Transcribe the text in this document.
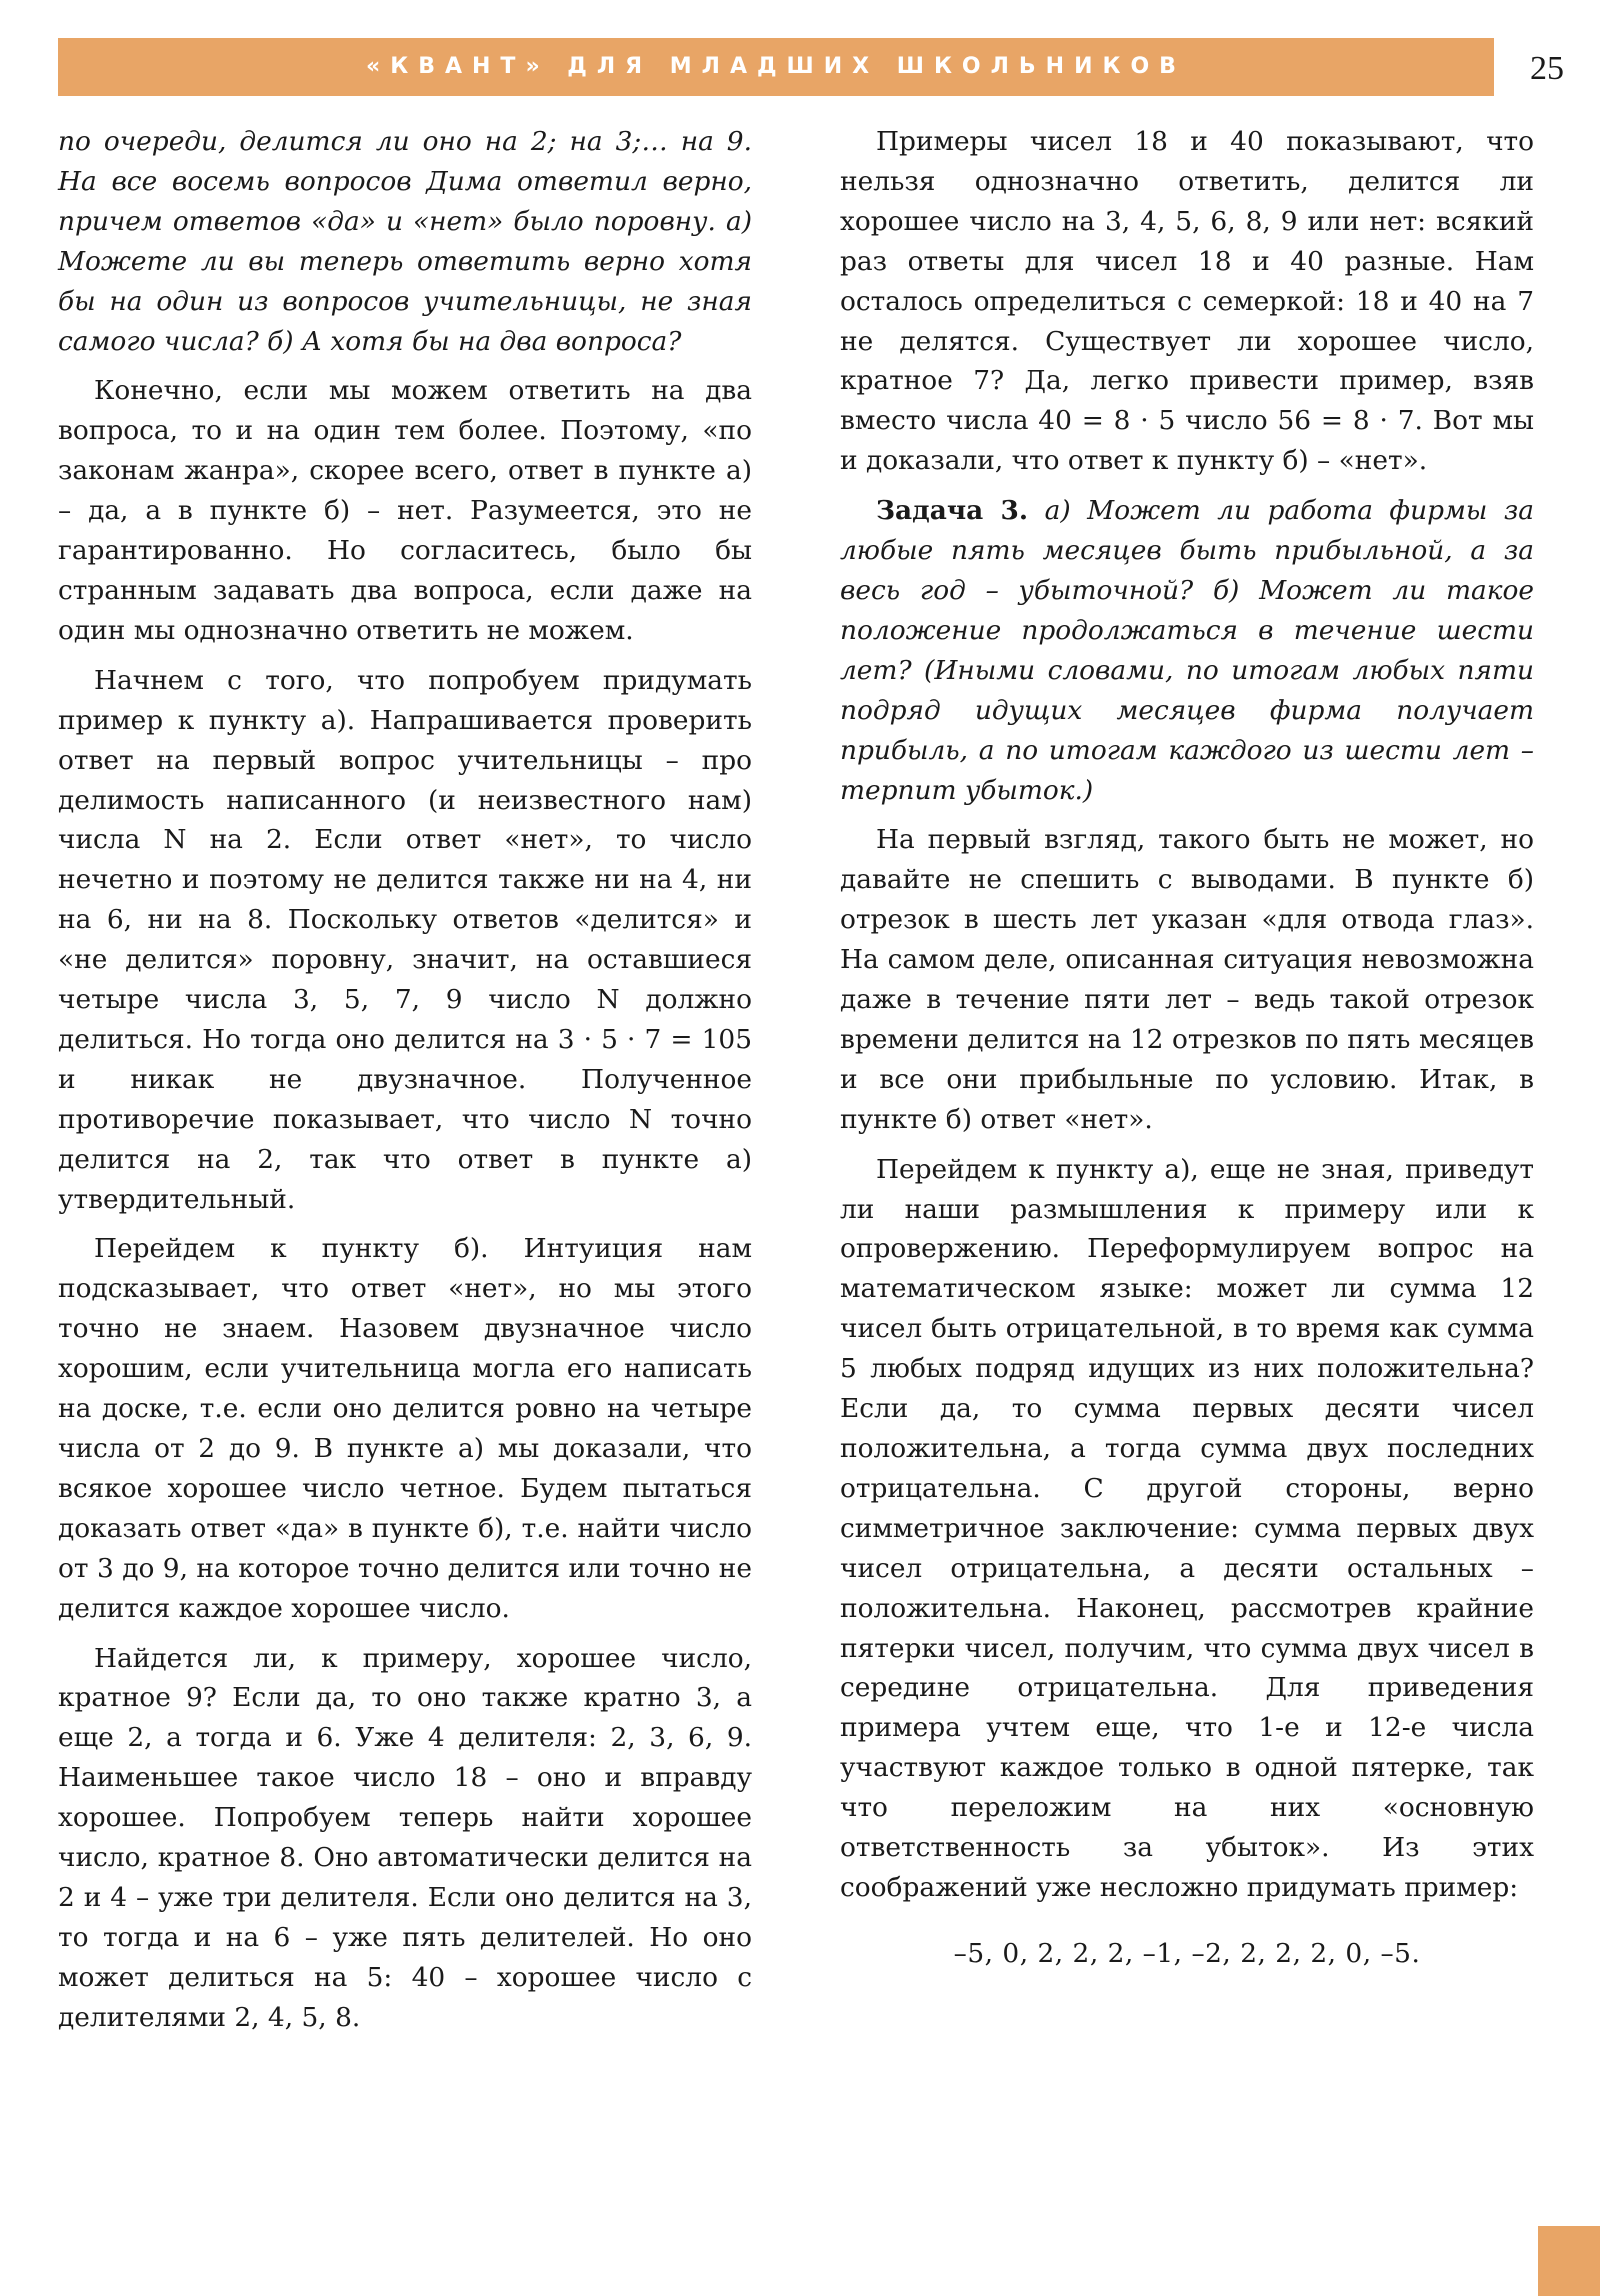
«КВАНТ» ДЛЯ МЛАДШИХ ШКОЛЬНИКОВ	25

по очереди, делится ли оно на 2; на 3;… на 9. На все восемь вопросов Дима ответил верно, причем ответов «да» и «нет» было поровну. а) Можете ли вы теперь ответить верно хотя бы на один из вопросов учительницы, не зная самого числа? б) А хотя бы на два вопроса?

Конечно, если мы можем ответить на два вопроса, то и на один тем более. Поэтому, «по законам жанра», скорее всего, ответ в пункте а) – да, а в пункте б) – нет. Разумеется, это не гарантированно. Но согласитесь, было бы странным задавать два вопроса, если даже на один мы однозначно ответить не можем.

Начнем с того, что попробуем придумать пример к пункту а). Напрашивается проверить ответ на первый вопрос учительницы – про делимость написанного (и неизвестного нам) числа N на 2. Если ответ «нет», то число нечетно и поэтому не делится также ни на 4, ни на 6, ни на 8. Поскольку ответов «делится» и «не делится» поровну, значит, на оставшиеся четыре числа 3, 5, 7, 9 число N должно делиться. Но тогда оно делится на 3 · 5 · 7 = 105 и никак не двузначное. Полученное противоречие показывает, что число N точно делится на 2, так что ответ в пункте а) утвердительный.

Перейдем к пункту б). Интуиция нам подсказывает, что ответ «нет», но мы этого точно не знаем. Назовем двузначное число хорошим, если учительница могла его написать на доске, т.е. если оно делится ровно на четыре числа от 2 до 9. В пункте а) мы доказали, что всякое хорошее число четное. Будем пытаться доказать ответ «да» в пункте б), т.е. найти число от 3 до 9, на которое точно делится или точно не делится каждое хорошее число.

Найдется ли, к примеру, хорошее число, кратное 9? Если да, то оно также кратно 3, а еще 2, а тогда и 6. Уже 4 делителя: 2, 3, 6, 9. Наименьшее такое число 18 – оно и вправду хорошее. Попробуем теперь найти хорошее число, кратное 8. Оно автоматически делится на 2 и 4 – уже три делителя. Если оно делится на 3, то тогда и на 6 – уже пять делителей. Но оно может делиться на 5: 40 – хорошее число с делителями 2, 4, 5, 8.

Примеры чисел 18 и 40 показывают, что нельзя однозначно ответить, делится ли хорошее число на 3, 4, 5, 6, 8, 9 или нет: всякий раз ответы для чисел 18 и 40 разные. Нам осталось определиться с семеркой: 18 и 40 на 7 не делятся. Существует ли хорошее число, кратное 7? Да, легко привести пример, взяв вместо числа 40 = 8 · 5 число 56 = 8 · 7. Вот мы и доказали, что ответ к пункту б) – «нет».

Задача 3. а) Может ли работа фирмы за любые пять месяцев быть прибыльной, а за весь год – убыточной? б) Может ли такое положение продолжаться в течение шести лет? (Иными словами, по итогам любых пяти подряд идущих месяцев фирма получает прибыль, а по итогам каждого из шести лет – терпит убыток.)

На первый взгляд, такого быть не может, но давайте не спешить с выводами. В пункте б) отрезок в шесть лет указан «для отвода глаз». На самом деле, описанная ситуация невозможна даже в течение пяти лет – ведь такой отрезок времени делится на 12 отрезков по пять месяцев и все они прибыльные по условию. Итак, в пункте б) ответ «нет».

Перейдем к пункту а), еще не зная, приведут ли наши размышления к примеру или к опровержению. Переформулируем вопрос на математическом языке: может ли сумма 12 чисел быть отрицательной, в то время как сумма 5 любых подряд идущих из них положительна? Если да, то сумма первых десяти чисел положительна, а тогда сумма двух последних отрицательна. С другой стороны, верно симметричное заключение: сумма первых двух чисел отрицательна, а десяти остальных – положительна. Наконец, рассмотрев крайние пятерки чисел, получим, что сумма двух чисел в середине отрицательна. Для приведения примера учтем еще, что 1-е и 12-е числа участвуют каждое только в одной пятерке, так что переложим на них «основную ответственность за убыток». Из этих соображений уже несложно придумать пример:

–5, 0, 2, 2, 2, –1, –2, 2, 2, 2, 0, –5.
